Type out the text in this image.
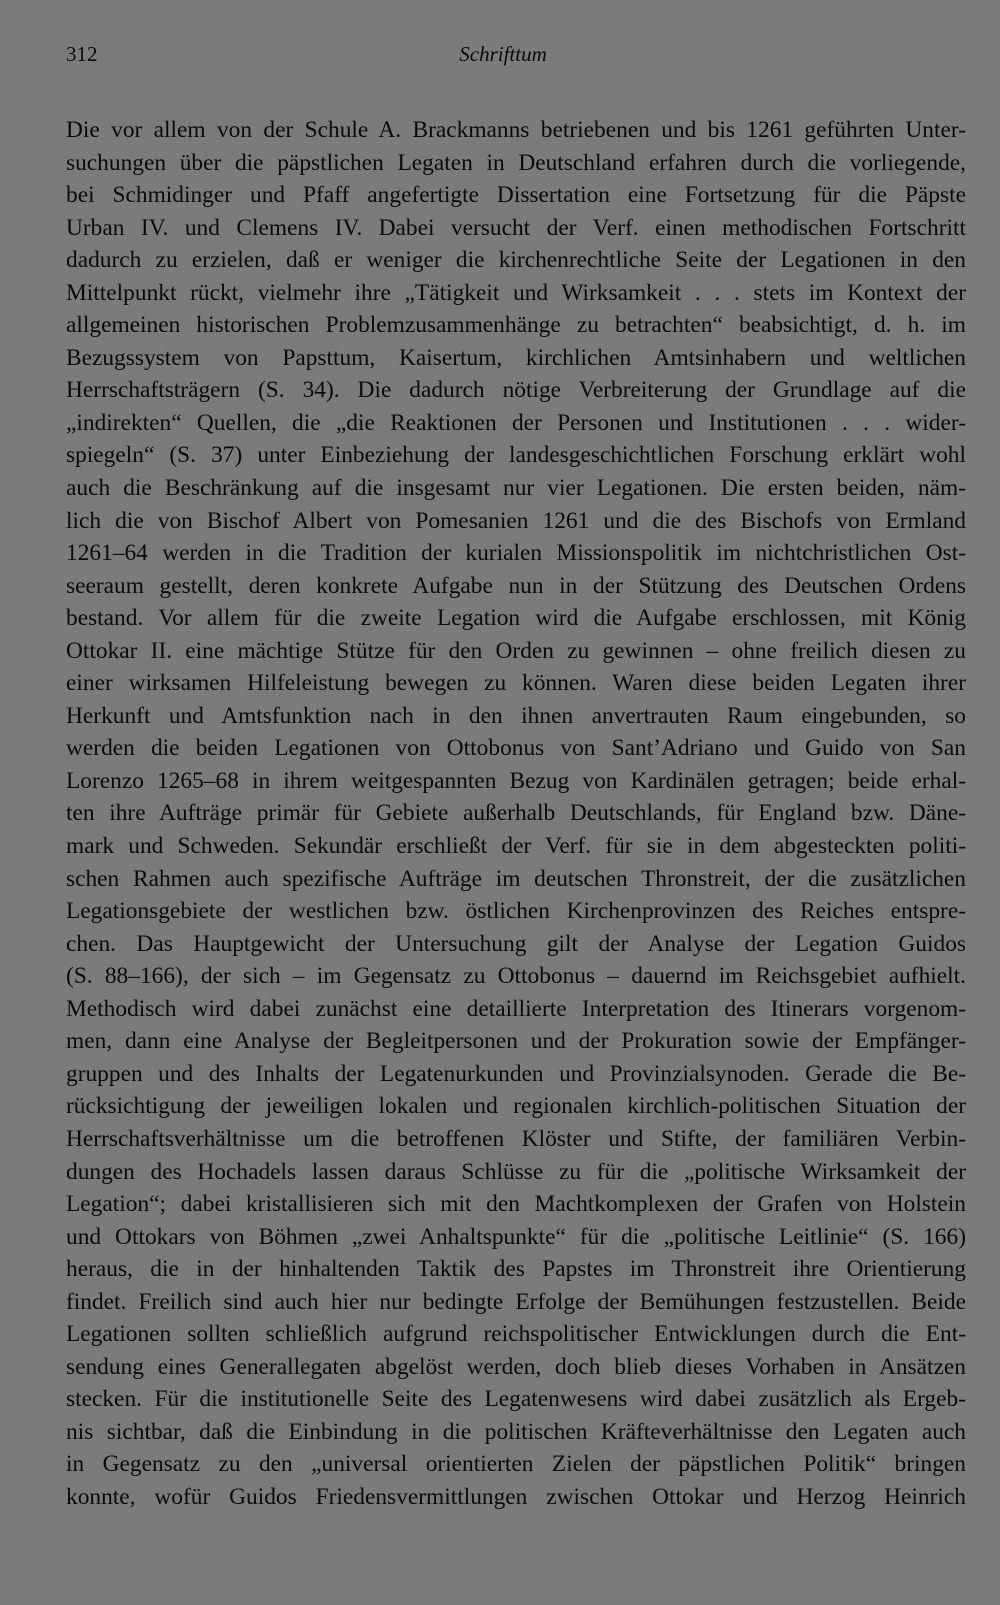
312	Schrifttum
Die vor allem von der Schule A. Brackmanns betriebenen und bis 1261 geführten Unter-
suchungen über die päpstlichen Legaten in Deutschland erfahren durch die vorliegende,
bei Schmidinger und Pfaff angefertigte Dissertation eine Fortsetzung für die Päpste
Urban IV. und Clemens IV. Dabei versucht der Verf. einen methodischen Fortschritt
dadurch zu erzielen, daß er weniger die kirchenrechtliche Seite der Legationen in den
Mittelpunkt rückt, vielmehr ihre „Tätigkeit und Wirksamkeit . . . stets im Kontext der
allgemeinen historischen Problemzusammenhänge zu betrachten“ beabsichtigt, d. h. im
Bezugssystem von Papsttum, Kaisertum, kirchlichen Amtsinhabern und weltlichen
Herrschaftsträgern (S. 34). Die dadurch nötige Verbreiterung der Grundlage auf die
„indirekten“ Quellen, die „die Reaktionen der Personen und Institutionen . . . wider-
spiegeln“ (S. 37) unter Einbeziehung der landesgeschichtlichen Forschung erklärt wohl
auch die Beschränkung auf die insgesamt nur vier Legationen. Die ersten beiden, näm-
lich die von Bischof Albert von Pomesanien 1261 und die des Bischofs von Ermland
1261–64 werden in die Tradition der kurialen Missionspolitik im nichtchristlichen Ost-
seeraum gestellt, deren konkrete Aufgabe nun in der Stützung des Deutschen Ordens
bestand. Vor allem für die zweite Legation wird die Aufgabe erschlossen, mit König
Ottokar II. eine mächtige Stütze für den Orden zu gewinnen – ohne freilich diesen zu
einer wirksamen Hilfeleistung bewegen zu können. Waren diese beiden Legaten ihrer
Herkunft und Amtsfunktion nach in den ihnen anvertrauten Raum eingebunden, so
werden die beiden Legationen von Ottobonus von Sant’Adriano und Guido von San
Lorenzo 1265–68 in ihrem weitgespannten Bezug von Kardinälen getragen; beide erhal-
ten ihre Aufträge primär für Gebiete außerhalb Deutschlands, für England bzw. Däne-
mark und Schweden. Sekundär erschließt der Verf. für sie in dem abgesteckten politi-
schen Rahmen auch spezifische Aufträge im deutschen Thronstreit, der die zusätzlichen
Legationsgebiete der westlichen bzw. östlichen Kirchenprovinzen des Reiches entspre-
chen. Das Hauptgewicht der Untersuchung gilt der Analyse der Legation Guidos
(S. 88–166), der sich – im Gegensatz zu Ottobonus – dauernd im Reichsgebiet aufhielt.
Methodisch wird dabei zunächst eine detaillierte Interpretation des Itinerars vorgenom-
men, dann eine Analyse der Begleitpersonen und der Prokuration sowie der Empfänger-
gruppen und des Inhalts der Legatenurkunden und Provinzialsynoden. Gerade die Be-
rücksichtigung der jeweiligen lokalen und regionalen kirchlich-politischen Situation der
Herrschaftsverhältnisse um die betroffenen Klöster und Stifte, der familiären Verbin-
dungen des Hochadels lassen daraus Schlüsse zu für die „politische Wirksamkeit der
Legation“; dabei kristallisieren sich mit den Machtkomplexen der Grafen von Holstein
und Ottokars von Böhmen „zwei Anhaltspunkte“ für die „politische Leitlinie“ (S. 166)
heraus, die in der hinhaltenden Taktik des Papstes im Thronstreit ihre Orientierung
findet. Freilich sind auch hier nur bedingte Erfolge der Bemühungen festzustellen. Beide
Legationen sollten schließlich aufgrund reichspolitischer Entwicklungen durch die Ent-
sendung eines Generallegaten abgelöst werden, doch blieb dieses Vorhaben in Ansätzen
stecken. Für die institutionelle Seite des Legatenwesens wird dabei zusätzlich als Ergeb-
nis sichtbar, daß die Einbindung in die politischen Kräfteverhältnisse den Legaten auch
in Gegensatz zu den „universal orientierten Zielen der päpstlichen Politik“ bringen
konnte, wofür Guidos Friedensvermittlungen zwischen Ottokar und Herzog Heinrich
